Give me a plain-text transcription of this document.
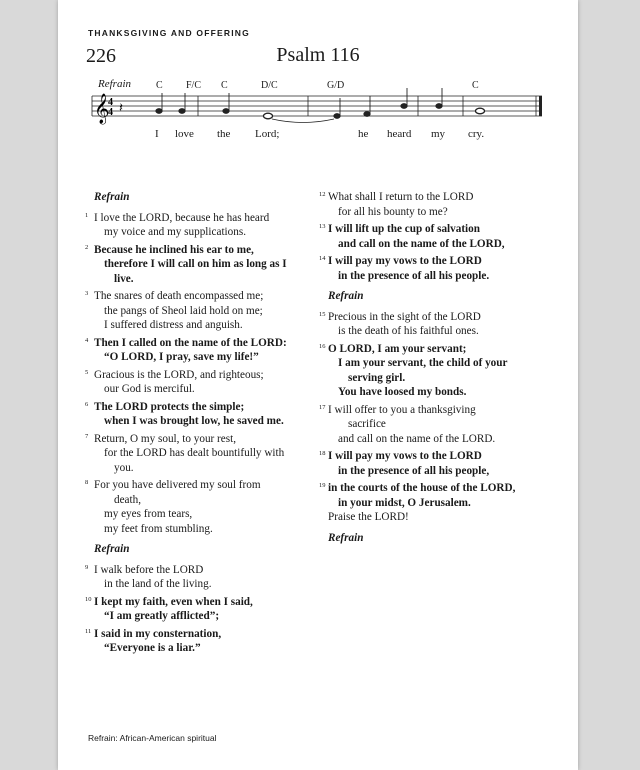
THANKSGIVING AND OFFERING
226	Psalm 116
𝄞
4
4 𝄽
Refrain	C F/C C	D/C	G/D	C
I love the Lord;	he heard my cry.
Refrain
1 I love the LORD, because he has heard
my voice and my supplications.
2 Because he inclined his ear to me,
therefore I will call on him as long as I
live.
3 The snares of death encompassed me;
the pangs of Sheol laid hold on me;
I suffered distress and anguish.
4 Then I called on the name of the LORD:
“O LORD, I pray, save my life!”
5 Gracious is the LORD, and righteous;
our God is merciful.
6 The LORD protects the simple;
when I was brought low, he saved me.
7 Return, O my soul, to your rest,
for the LORD has dealt bountifully with
you.
8 For you have delivered my soul from
death,
my eyes from tears,
my feet from stumbling.
Refrain
9 I walk before the LORD
in the land of the living.
10 I kept my faith, even when I said,
“I am greatly afflicted”;
11 I said in my consternation,
“Everyone is a liar.”
12 What shall I return to the LORD
for all his bounty to me?
13 I will lift up the cup of salvation
and call on the name of the LORD,
14 I will pay my vows to the LORD
in the presence of all his people.
Refrain
15 Precious in the sight of the LORD
is the death of his faithful ones.
16 O LORD, I am your servant;
I am your servant, the child of your
serving girl.
You have loosed my bonds.
17 I will offer to you a thanksgiving
sacrifice
and call on the name of the LORD.
18 I will pay my vows to the LORD
in the presence of all his people,
19 in the courts of the house of the LORD,
in your midst, O Jerusalem.
Praise the LORD!
Refrain
Refrain: African-American spiritual
